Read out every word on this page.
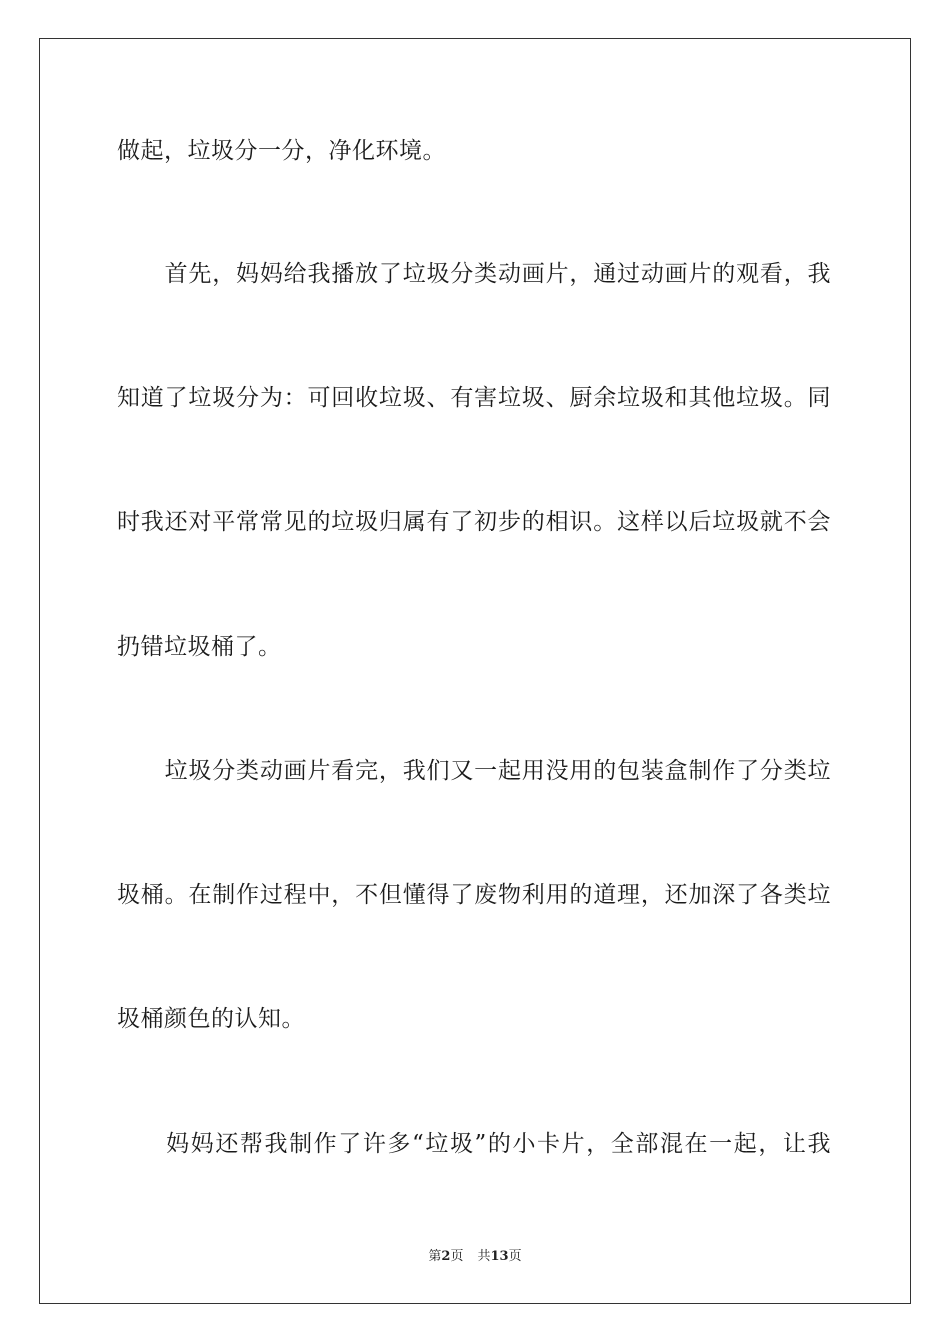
做起，垃圾分一分，净化环境。
　　首先，妈妈给我播放了垃圾分类动画片，通过动画片的观看，我
知道了垃圾分为：可回收垃圾、有害垃圾、厨余垃圾和其他垃圾。同
时我还对平常常见的垃圾归属有了初步的相识。这样以后垃圾就不会
扔错垃圾桶了。
　　垃圾分类动画片看完，我们又一起用没用的包装盒制作了分类垃
圾桶。在制作过程中，不但懂得了废物利用的道理，还加深了各类垃
圾桶颜色的认知。
　　妈妈还帮我制作了许多“垃圾”的小卡片，全部混在一起，让我
第2页 共13页
